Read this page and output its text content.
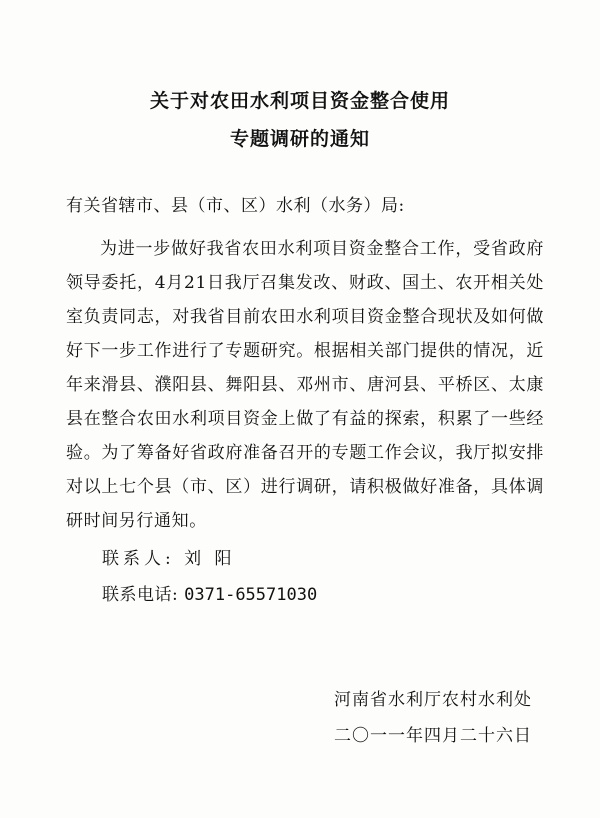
关于对农田水利项目资金整合使用
专题调研的通知
有关省辖市、县（市、区）水利（水务）局:

为进一步做好我省农田水利项目资金整合工作，受省政府领导委托，4月21日我厅召集发改、财政、国土、农开相关处室负责同志，对我省目前农田水利项目资金整合现状及如何做好下一步工作进行了专题研究。根据相关部门提供的情况，近年来滑县、濮阳县、舞阳县、邓州市、唐河县、平桥区、太康县在整合农田水利项目资金上做了有益的探索，积累了一些经验。为了筹备好省政府准备召开的专题工作会议，我厅拟安排对以上七个县（市、区）进行调研，请积极做好准备，具体调研时间另行通知。

联系人: 刘 阳
联系电话: 0371-65571030
河南省水利厅农村水利处
二〇一一年四月二十六日
